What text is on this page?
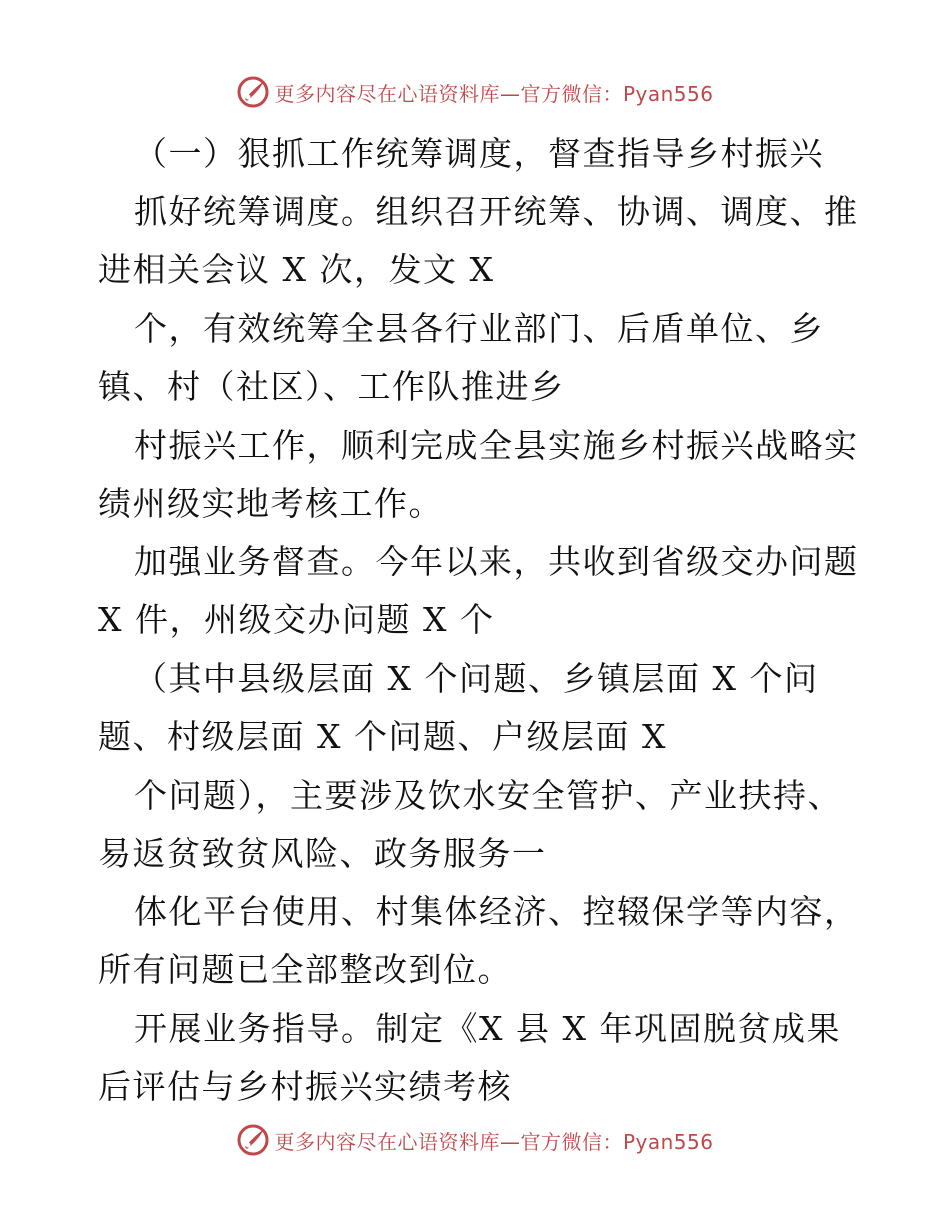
更多内容尽在心语资料库—官方微信：Pyan556
（一）狠抓工作统筹调度，督查指导乡村振兴
抓好统筹调度。组织召开统筹、协调、调度、推
进相关会议 X 次，发文 X
个，有效统筹全县各行业部门、后盾单位、乡
镇、村（社区）、工作队推进乡
村振兴工作，顺利完成全县实施乡村振兴战略实
绩州级实地考核工作。
加强业务督查。今年以来，共收到省级交办问题
X 件，州级交办问题 X 个
（其中县级层面 X 个问题、乡镇层面 X 个问
题、村级层面 X 个问题、户级层面 X
个问题），主要涉及饮水安全管护、产业扶持、
易返贫致贫风险、政务服务一
体化平台使用、村集体经济、控辍保学等内容，
所有问题已全部整改到位。
开展业务指导。制定《X 县 X 年巩固脱贫成果
后评估与乡村振兴实绩考核
更多内容尽在心语资料库—官方微信：Pyan556
